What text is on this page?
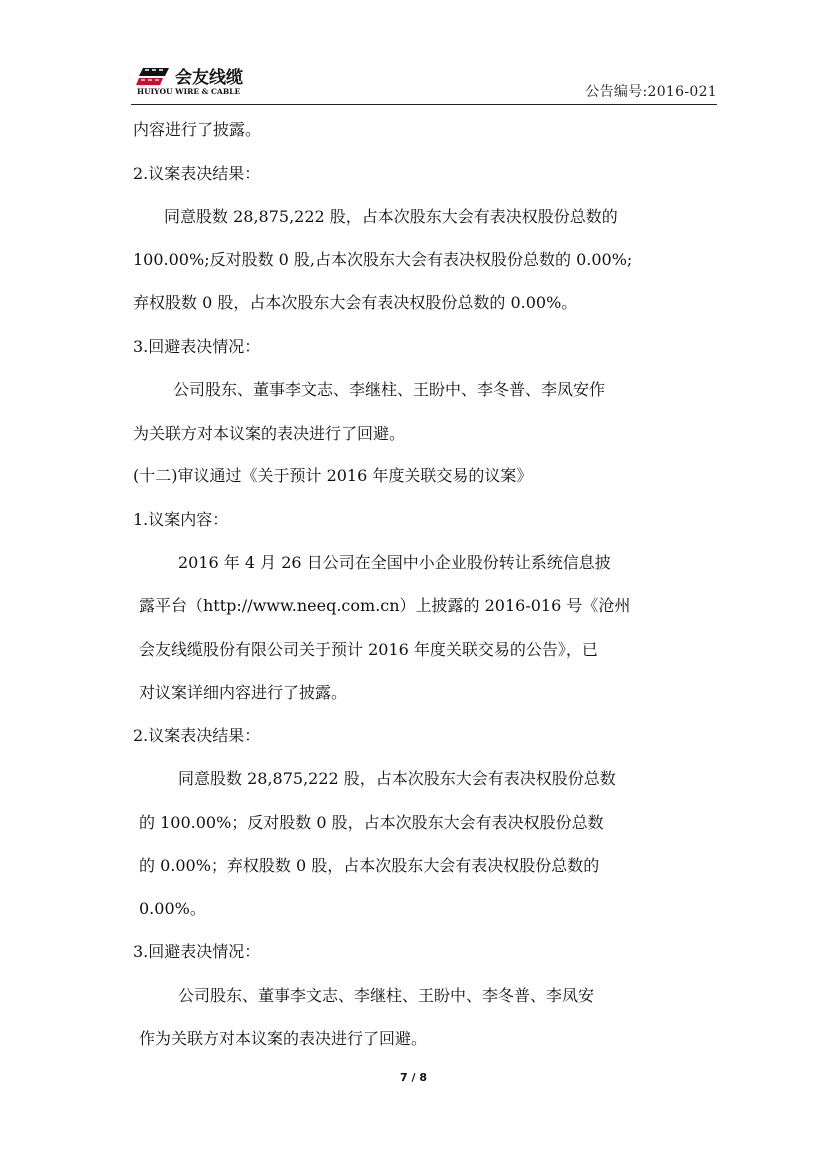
会友线缆
HUIYOU WIRE & CABLE	公告编号:2016-021
内容进行了披露。
2.议案表决结果：
同意股数 28,875,222 股，占本次股东大会有表决权股份总数的
100.00%;反对股数 0 股,占本次股东大会有表决权股份总数的 0.00%;
弃权股数 0 股，占本次股东大会有表决权股份总数的 0.00%。
3.回避表决情况：
公司股东、董事李文志、李继柱、王盼中、李冬普、李凤安作
为关联方对本议案的表决进行了回避。
(十二)审议通过《关于预计 2016 年度关联交易的议案》
1.议案内容：
2016 年 4 月 26 日公司在全国中小企业股份转让系统信息披
露平台（http://www.neeq.com.cn）上披露的 2016-016 号《沧州
会友线缆股份有限公司关于预计 2016 年度关联交易的公告》，已
对议案详细内容进行了披露。
2.议案表决结果：
同意股数 28,875,222 股，占本次股东大会有表决权股份总数
的 100.00%；反对股数 0 股，占本次股东大会有表决权股份总数
的 0.00%；弃权股数 0 股，占本次股东大会有表决权股份总数的
0.00%。
3.回避表决情况：
公司股东、董事李文志、李继柱、王盼中、李冬普、李凤安
作为关联方对本议案的表决进行了回避。
7 / 8
